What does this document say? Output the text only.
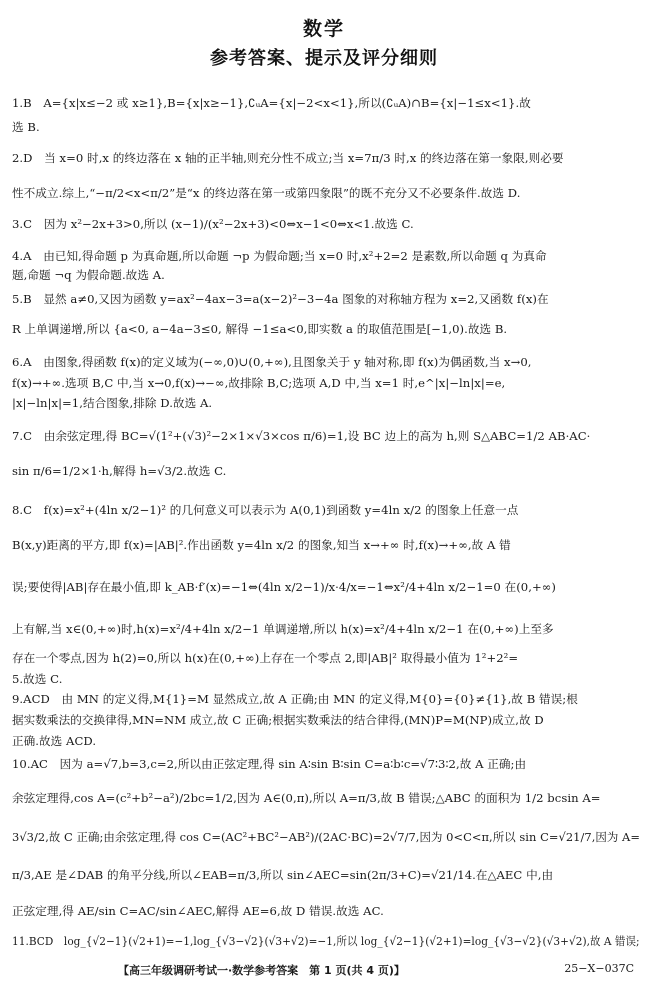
数学
参考答案、提示及评分细则
1.B　A={x|x≤−2 或 x≥1},B={x|x≥−1},∁ᵤA={x|−2<x<1},所以(∁ᵤA)∩B={x|−1≤x<1}.故
选 B.
2.D　当 x=0 时,x 的终边落在 x 轴的正半轴,则充分性不成立;当 x=7π/3 时,x 的终边落在第一象限,则必要
性不成立.综上,“−π/2<x<π/2”是“x 的终边落在第一或第四象限”的既不充分又不必要条件.故选 D.
3.C　因为 x²−2x+3>0,所以 (x−1)/(x²−2x+3)<0⇔x−1<0⇔x<1.故选 C.
4.A　由已知,得命题 p 为真命题,所以命题 ¬p 为假命题;当 x=0 时,x²+2=2 是素数,所以命题 q 为真命
题,命题 ¬q 为假命题.故选 A.
5.B　显然 a≠0,又因为函数 y=ax²−4ax−3=a(x−2)²−3−4a 图象的对称轴方程为 x=2,又函数 f(x)在
R 上单调递增,所以 {a<0, a−4a−3≤0, 解得 −1≤a<0,即实数 a 的取值范围是[−1,0).故选 B.
6.A　由图象,得函数 f(x)的定义域为(−∞,0)∪(0,+∞),且图象关于 y 轴对称,即 f(x)为偶函数,当 x→0,
f(x)→+∞.选项 B,C 中,当 x→0,f(x)→−∞,故排除 B,C;选项 A,D 中,当 x=1 时,e^|x|−ln|x|=e,
|x|−ln|x|=1,结合图象,排除 D.故选 A.
7.C　由余弦定理,得 BC=√(1²+(√3)²−2×1×√3×cos π/6)=1,设 BC 边上的高为 h,则 S△ABC=1/2 AB·AC·
sin π/6=1/2×1·h,解得 h=√3/2.故选 C.
8.C　f(x)=x²+(4ln x/2−1)² 的几何意义可以表示为 A(0,1)到函数 y=4ln x/2 的图象上任意一点
B(x,y)距离的平方,即 f(x)=|AB|².作出函数 y=4ln x/2 的图象,知当 x→+∞ 时,f(x)→+∞,故 A 错
误;要使得|AB|存在最小值,即 k_AB·f′(x)=−1⇔(4ln x/2−1)/x·4/x=−1⇔x²/4+4ln x/2−1=0 在(0,+∞)
上有解,当 x∈(0,+∞)时,h(x)=x²/4+4ln x/2−1 单调递增,所以 h(x)=x²/4+4ln x/2−1 在(0,+∞)上至多
存在一个零点,因为 h(2)=0,所以 h(x)在(0,+∞)上存在一个零点 2,即|AB|² 取得最小值为 1²+2²=
5.故选 C.
9.ACD　由 MN 的定义得,M{1}=M 显然成立,故 A 正确;由 MN 的定义得,M{0}={0}≠{1},故 B 错误;根
据实数乘法的交换律得,MN=NM 成立,故 C 正确;根据实数乘法的结合律得,(MN)P=M(NP)成立,故 D
正确.故选 ACD.
10.AC　因为 a=√7,b=3,c=2,所以由正弦定理,得 sin A∶sin B∶sin C=a∶b∶c=√7∶3∶2,故 A 正确;由
余弦定理得,cos A=(c²+b²−a²)/2bc=1/2,因为 A∈(0,π),所以 A=π/3,故 B 错误;△ABC 的面积为 1/2 bcsin A=
3√3/2,故 C 正确;由余弦定理,得 cos C=(AC²+BC²−AB²)/(2AC·BC)=2√7/7,因为 0<C<π,所以 sin C=√21/7,因为 A=
π/3,AE 是∠DAB 的角平分线,所以∠EAB=π/3,所以 sin∠AEC=sin(2π/3+C)=√21/14.在△AEC 中,由
正弦定理,得 AE/sin C=AC/sin∠AEC,解得 AE=6,故 D 错误.故选 AC.
11.BCD　log_{√2−1}(√2+1)=−1,log_{√3−√2}(√3+√2)=−1,所以 log_{√2−1}(√2+1)=log_{√3−√2}(√3+√2),故 A 错误;
【高三年级调研考试一·数学参考答案　第 1 页(共 4 页)】	25−X−037C
